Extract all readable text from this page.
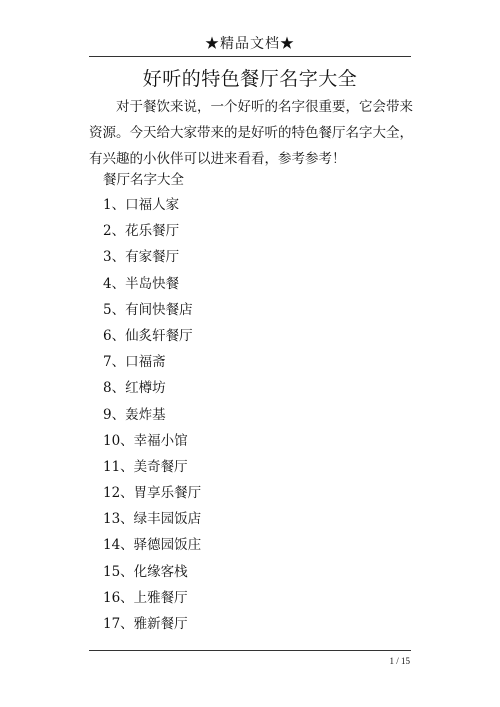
★精品文档★
好听的特色餐厅名字大全

对于餐饮来说，一个好听的名字很重要，它会带来资源。今天给大家带来的是好听的特色餐厅名字大全，有兴趣的小伙伴可以进来看看，参考参考！

餐厅名字大全

1、口福人家
2、花乐餐厅
3、有家餐厅
4、半岛快餐
5、有间快餐店
6、仙炙轩餐厅
7、口福斋
8、红樽坊
9、轰炸基
10、幸福小馆
11、美奇餐厅
12、胃享乐餐厅
13、绿丰园饭店
14、驿德园饭庄
15、化缘客栈
16、上雅餐厅
17、雅新餐厅
1 / 15
